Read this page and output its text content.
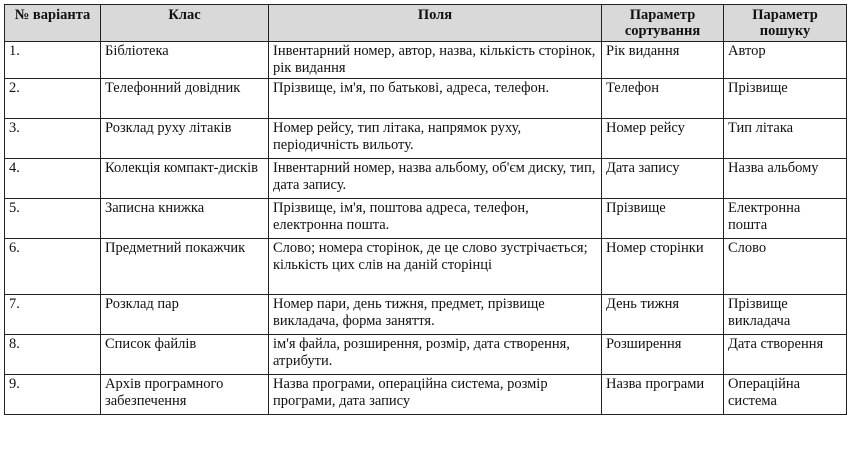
№ варіанта	Клас	Поля	Параметр сортування	Параметр пошуку
1.	Бібліотека	Інвентарний номер, автор, назва, кількість сторінок, рік видання	Рік видання	Автор
2.	Телефонний довідник	Прізвище, ім'я, по батькові, адреса, телефон.	Телефон	Прізвище
3.	Розклад руху літаків	Номер рейсу, тип літака, напрямок руху, періодичність вильоту.	Номер рейсу	Тип літака
4.	Колекція компакт-дисків	Інвентарний номер, назва альбому, об'єм диску, тип, дата запису.	Дата запису	Назва альбому
5.	Записна книжка	Прізвище, ім'я, поштова адреса, телефон, електронна пошта.	Прізвище	Електронна пошта
6.	Предметний покажчик	Слово; номера сторінок, де це слово зустрічається; кількість цих слів на даній сторінці	Номер сторінки	Слово
7.	Розклад пар	Номер пари, день тижня, предмет, прізвище викладача, форма заняття.	День тижня	Прізвище викладача
8.	Список файлів	ім'я файла, розширення, розмір, дата створення, атрибути.	Розширення	Дата створення
9.	Архів програмного забезпечення	Назва програми, операційна система, розмір програми, дата запису	Назва програми	Операційна система
